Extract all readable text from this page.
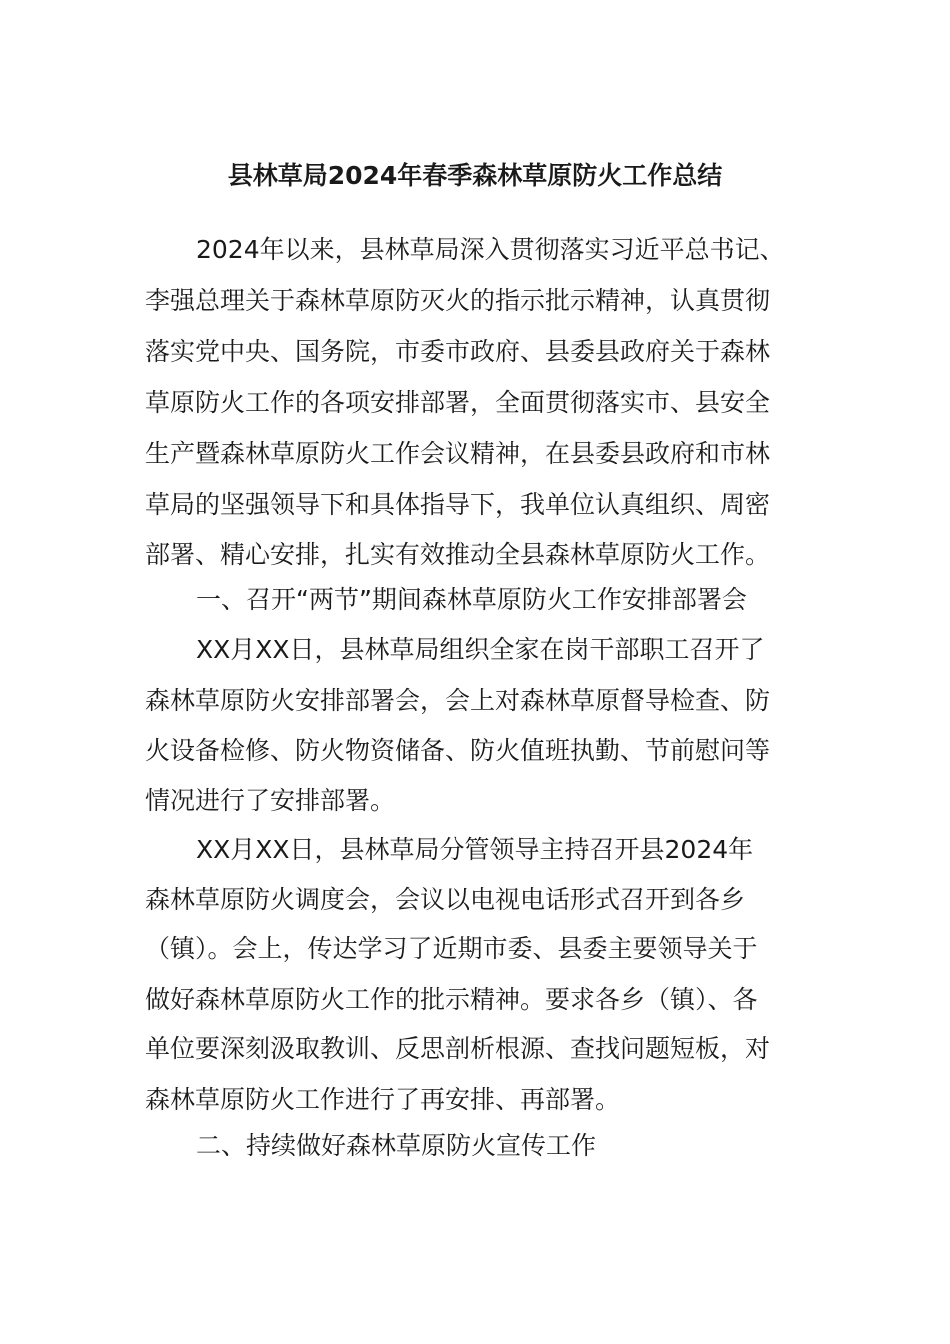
县林草局2024年春季森林草原防火工作总结
2024年以来，县林草局深入贯彻落实习近平总书记、
李强总理关于森林草原防灭火的指示批示精神，认真贯彻
落实党中央、国务院，市委市政府、县委县政府关于森林
草原防火工作的各项安排部署，全面贯彻落实市、县安全
生产暨森林草原防火工作会议精神，在县委县政府和市林
草局的坚强领导下和具体指导下，我单位认真组织、周密
部署、精心安排，扎实有效推动全县森林草原防火工作。
一、召开“两节”期间森林草原防火工作安排部署会
XX月XX日，县林草局组织全家在岗干部职工召开了
森林草原防火安排部署会，会上对森林草原督导检查、防
火设备检修、防火物资储备、防火值班执勤、节前慰问等
情况进行了安排部署。
XX月XX日，县林草局分管领导主持召开县2024年
森林草原防火调度会，会议以电视电话形式召开到各乡
（镇）。会上，传达学习了近期市委、县委主要领导关于
做好森林草原防火工作的批示精神。要求各乡（镇）、各
单位要深刻汲取教训、反思剖析根源、查找问题短板，对
森林草原防火工作进行了再安排、再部署。
二、持续做好森林草原防火宣传工作
